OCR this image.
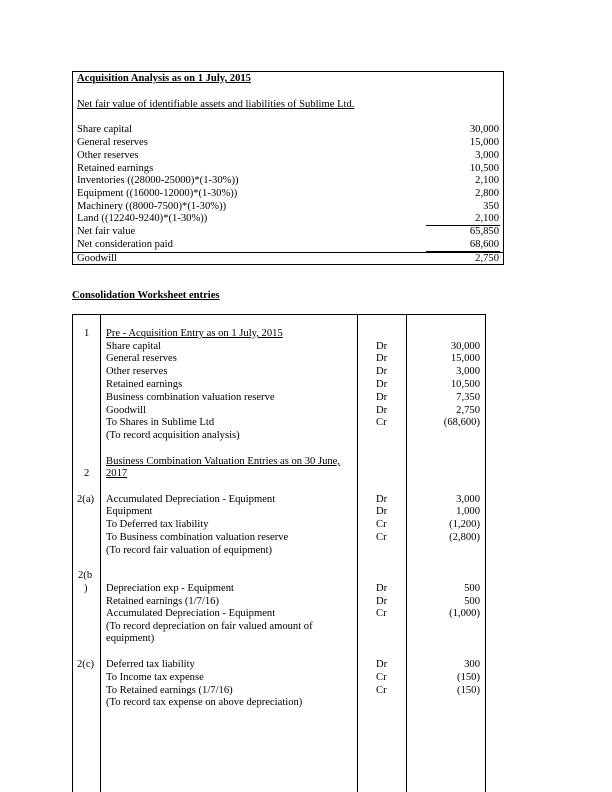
Acquisition Analysis as on 1 July, 2015
Net fair value of identifiable assets and liabilities of Sublime Ltd.
Share capital	30,000
General reserves	15,000
Other reserves	3,000
Retained earnings	10,500
Inventories ((28000-25000)*(1-30%))	2,100
Equipment ((16000-12000)*(1-30%))	2,800
Machinery ((8000-7500)*(1-30%))	350
Land ((12240-9240)*(1-30%))	2,100
Net fair value	65,850
Net consideration paid	68,600
Goodwill	2,750
Consolidation Worksheet entries
1 Pre - Acquisition Entry as on 1 July, 2015
Share capital	Dr	30,000
General reserves	Dr	15,000
Other reserves	Dr	3,000
Retained earnings	Dr	10,500
Business combination valuation reserve	Dr	7,350
Goodwill	Dr	2,750
To Shares in Sublime Ltd	Cr	(68,600)
(To record acquisition analysis)
Business Combination Valuation Entries as on 30 June,
2 2017
2(a) Accumulated Depreciation - Equipment	Dr	3,000
Equipment	Dr	1,000
To Deferred tax liability	Cr	(1,200)
To Business combination valuation reserve	Cr	(2,800)
(To record fair valuation of equipment)
2(b
) Depreciation exp - Equipment	Dr	500
Retained earnings (1/7/16)	Dr	500
Accumulated Depreciation - Equipment	Cr	(1,000)
(To record depreciation on fair valued amount of
equipment)
2(c) Deferred tax liability	Dr	300
To Income tax expense	Cr	(150)
To Retained earnings (1/7/16)	Cr	(150)
(To record tax expense on above depreciation)
